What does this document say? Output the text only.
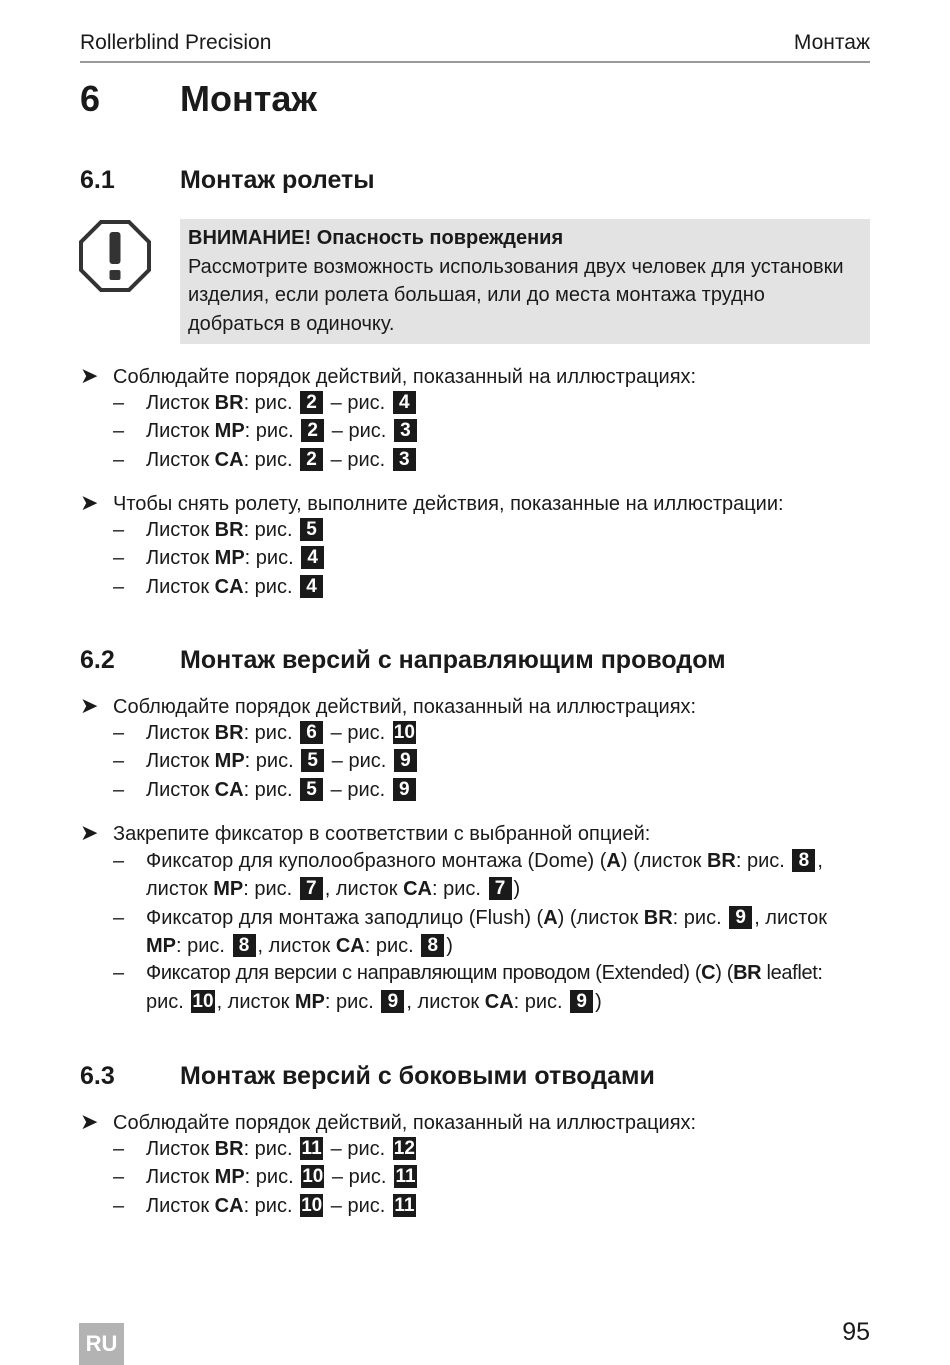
Rollerblind Precision	Монтаж
6 Монтаж
6.1	Монтаж ролеты
ВНИМАНИЕ! Опасность повреждения
Рассмотрите возможность использования двух человек для установки
изделия, если ролета большая, или до места монтажа трудно
добраться в одиночку.
➤ Соблюдайте порядок действий, показанный на иллюстрациях:
– Листок BR: рис. 2 – рис. 4
– Листок MP: рис. 2 – рис. 3
– Листок CA: рис. 2 – рис. 3
➤ Чтобы снять ролету, выполните действия, показанные на иллюстрации:
– Листок BR: рис. 5
– Листок MP: рис. 4
– Листок CA: рис. 4
6.2	Монтаж версий с направляющим проводом
➤ Соблюдайте порядок действий, показанный на иллюстрациях:
– Листок BR: рис. 6 – рис. 10
– Листок MP: рис. 5 – рис. 9
– Листок CA: рис. 5 – рис. 9
➤ Закрепите фиксатор в соответствии с выбранной опцией:
– Фиксатор для куполообразного монтажа (Dome) (A) (листок BR: рис. 8 ,
листок MP: рис. 7 , листок CA: рис. 7 )
– Фиксатор для монтажа заподлицо (Flush) (A) (листок BR: рис. 9 , листок
MP: рис. 8 , листок CA: рис. 8 )
– Фиксатор для версии с направляющим проводом (Extended) (C) (BR leaflet:
рис. 10 , листок MP: рис. 9 , листок CA: рис. 9 )
6.3	Монтаж версий с боковыми отводами
➤ Соблюдайте порядок действий, показанный на иллюстрациях:
– Листок BR: рис. 11 – рис. 12
– Листок MP: рис. 10 – рис. 11
– Листок CA: рис. 10 – рис. 11
RU	95
